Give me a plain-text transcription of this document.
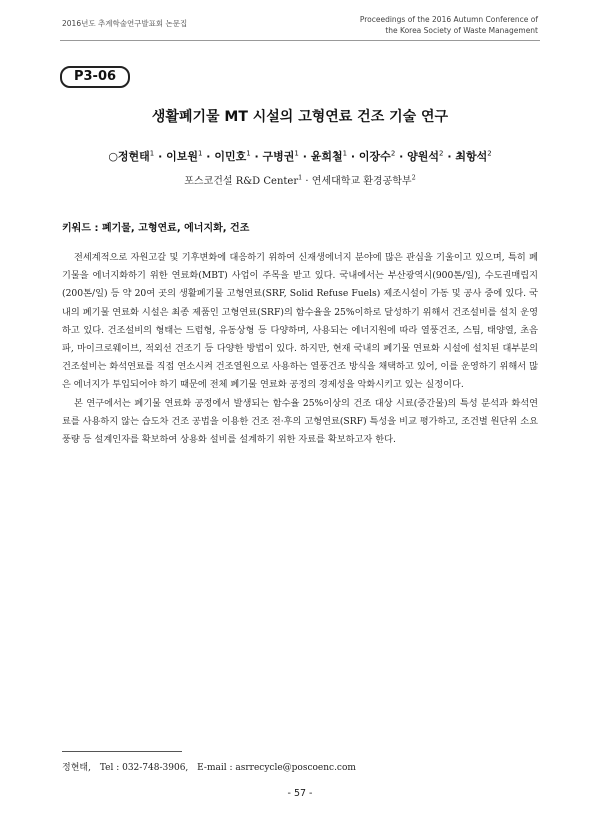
2016년도 추계학술연구발표회 논문집	Proceedings of the 2016 Autumn Conference of
the Korea Society of Waste Management
P3-06
생활폐기물 MT 시설의 고형연료 건조 기술 연구
○정현태$^1$ · 이보원$^1$ · 이민호$^1$ · 구병권$^1$ · 윤희철$^1$ · 이장수$^2$ · 양원석$^2$ · 최항석$^2$
포스코건설 R&D Center$^1$ · 연세대학교 환경공학부$^2$
키워드 : 폐기물, 고형연료, 에너지화, 건조

전세계적으로 자원고갈 및 기후변화에 대응하기 위하여 신재생에너지 분야에 많은 관심을 기울이고 있으며, 특히 폐기물을 에너지화하기 위한 연료화(MBT) 사업이 주목을 받고 있다. 국내에서는 부산광역시(900톤/일), 수도권매립지(200톤/일) 등 약 20여 곳의 생활폐기물 고형연료(SRF, Solid Refuse Fuels) 제조시설이 가동 및 공사 중에 있다. 국내의 폐기물 연료화 시설은 최종 제품인 고형연료(SRF)의 함수율을 25%이하로 달성하기 위해서 건조설비를 설치 운영하고 있다. 건조설비의 형태는 드럼형, 유동상형 등 다양하며, 사용되는 에너지원에 따라 열풍건조, 스팀, 태양열, 초음파, 마이크로웨이브, 적외선 건조기 등 다양한 방법이 있다. 하지만, 현재 국내의 폐기물 연료화 시설에 설치된 대부분의 건조설비는 화석연료를 직접 연소시켜 건조열원으로 사용하는 열풍건조 방식을 채택하고 있어, 이를 운영하기 위해서 많은 에너지가 투입되어야 하기 때문에 전체 폐기물 연료화 공정의 경제성을 악화시키고 있는 실정이다.

본 연구에서는 폐기물 연료화 공정에서 발생되는 함수율 25%이상의 건조 대상 시료(중간물)의 특성 분석과 화석연료를 사용하지 않는 습도차 건조 공법을 이용한 건조 전·후의 고형연료(SRF) 특성을 비교 평가하고, 조건별 원단위 소요 풍량 등 설계인자를 확보하여 상용화 설비를 설계하기 위한 자료를 확보하고자 한다.

정현태, Tel : 032-748-3906, E-mail : asrrecycle@poscoenc.com
- 57 -
